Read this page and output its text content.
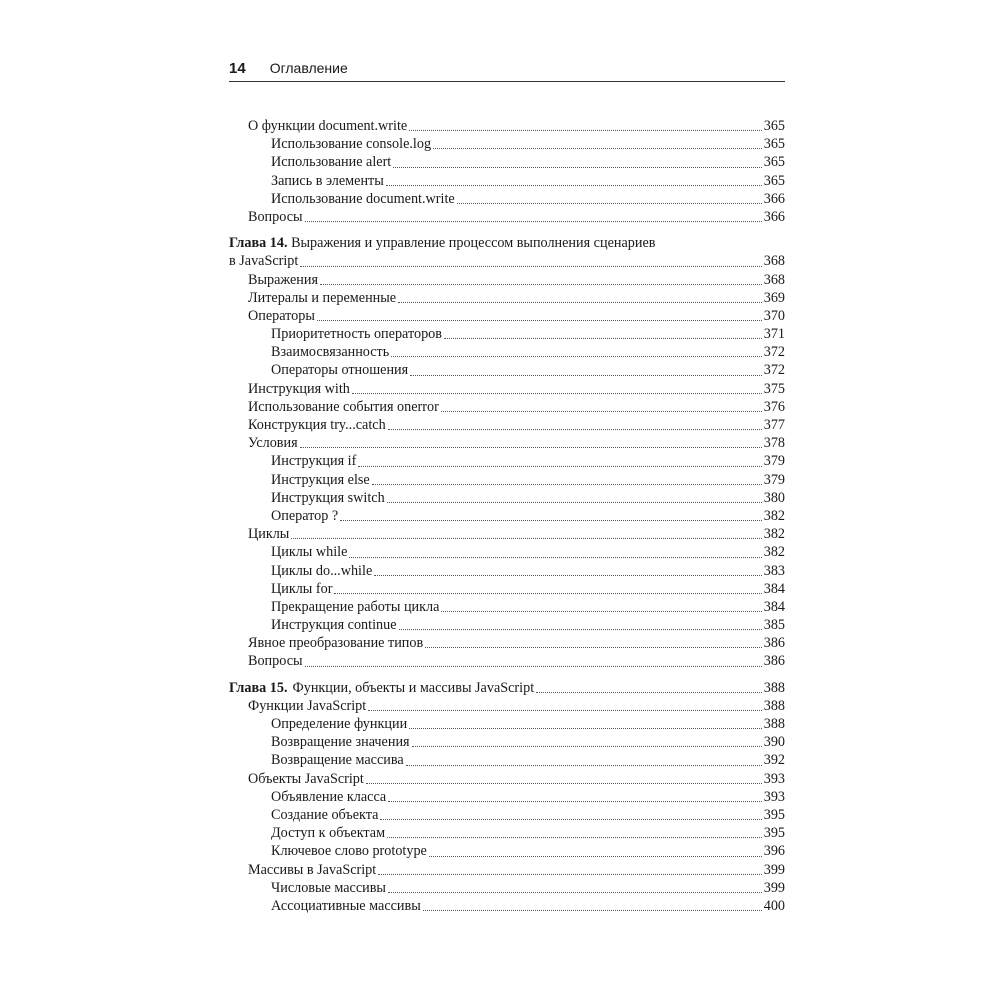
14 Оглавление
О функции document.write	365
Использование console.log	365
Использование alert	365
Запись в элементы	365
Использование document.write	366
Вопросы	366
Глава 14. Выражения и управление процессом выполнения сценариев
в JavaScript	368
Выражения	368
Литералы и переменные	369
Операторы	370
Приоритетность операторов	371
Взаимосвязанность	372
Операторы отношения	372
Инструкция with	375
Использование события onerror	376
Конструкция try...catch	377
Условия	378
Инструкция if	379
Инструкция else	379
Инструкция switch	380
Оператор ?	382
Циклы	382
Циклы while	382
Циклы do...while	383
Циклы for	384
Прекращение работы цикла	384
Инструкция continue	385
Явное преобразование типов	386
Вопросы	386
Глава 15. Функции, объекты и массивы JavaScript	388
Функции JavaScript	388
Определение функции	388
Возвращение значения	390
Возвращение массива	392
Объекты JavaScript	393
Объявление класса	393
Создание объекта	395
Доступ к объектам	395
Ключевое слово prototype	396
Массивы в JavaScript	399
Числовые массивы	399
Ассоциативные массивы	400
